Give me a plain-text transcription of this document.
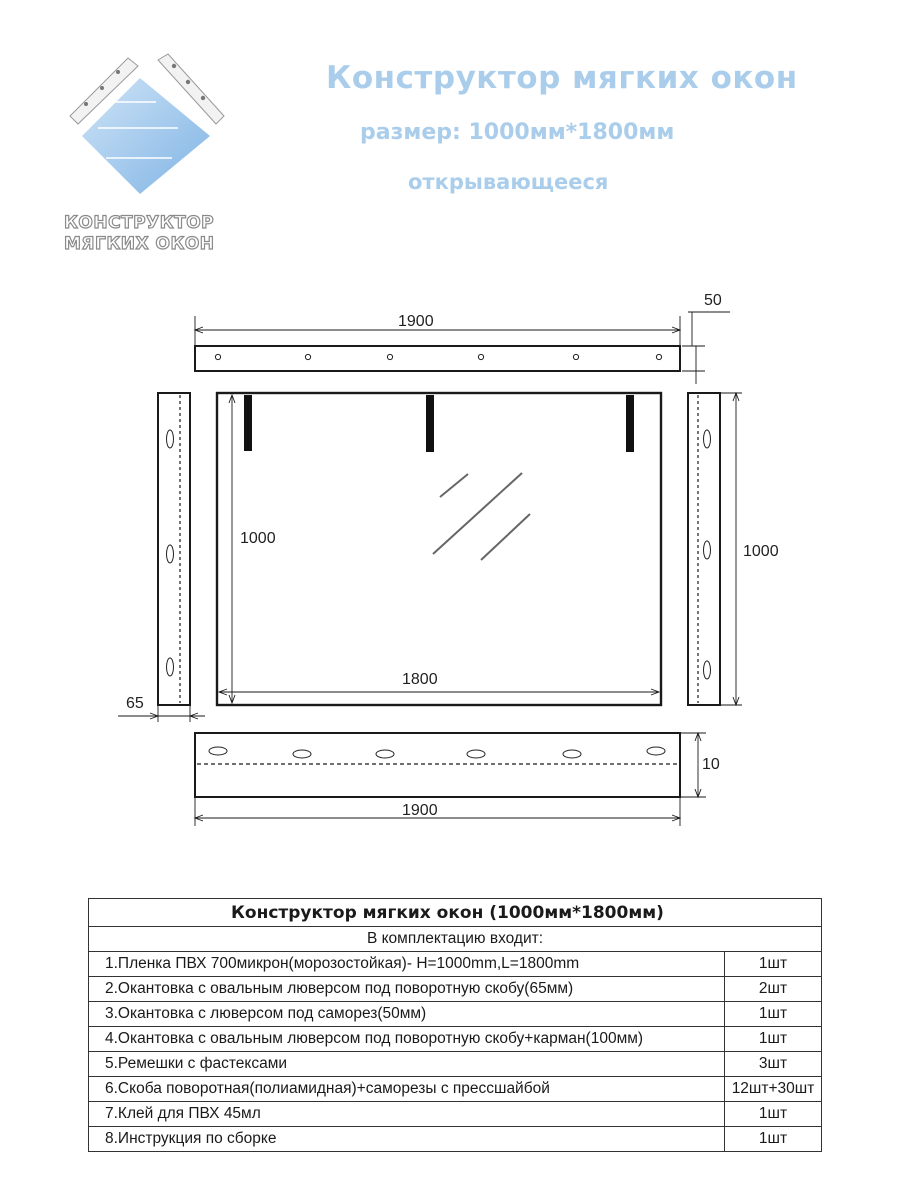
КОНСТРУКТОР
МЯГКИХ ОКОН
Конструктор мягких окон
размер: 1000мм*1800мм
открывающееся
1900
50
1000
1800
1000
65
10
1900
Конструктор мягких окон (1000мм*1800мм)	
В комплектацию входит:	
1.Пленка ПВХ 700микрон(морозостойкая)- H=1000mm,L=1800mm	1шт
2.Окантовка с овальным люверсом под поворотную скобу(65мм)	2шт
3.Окантовка с люверсом под саморез(50мм)	1шт
4.Окантовка с овальным люверсом под поворотную скобу+карман(100мм)	1шт
5.Ремешки с фастексами	3шт
6.Скоба поворотная(полиамидная)+саморезы с прессшайбой	12шт+30шт
7.Клей для ПВХ 45мл	1шт
8.Инструкция по сборке	1шт
